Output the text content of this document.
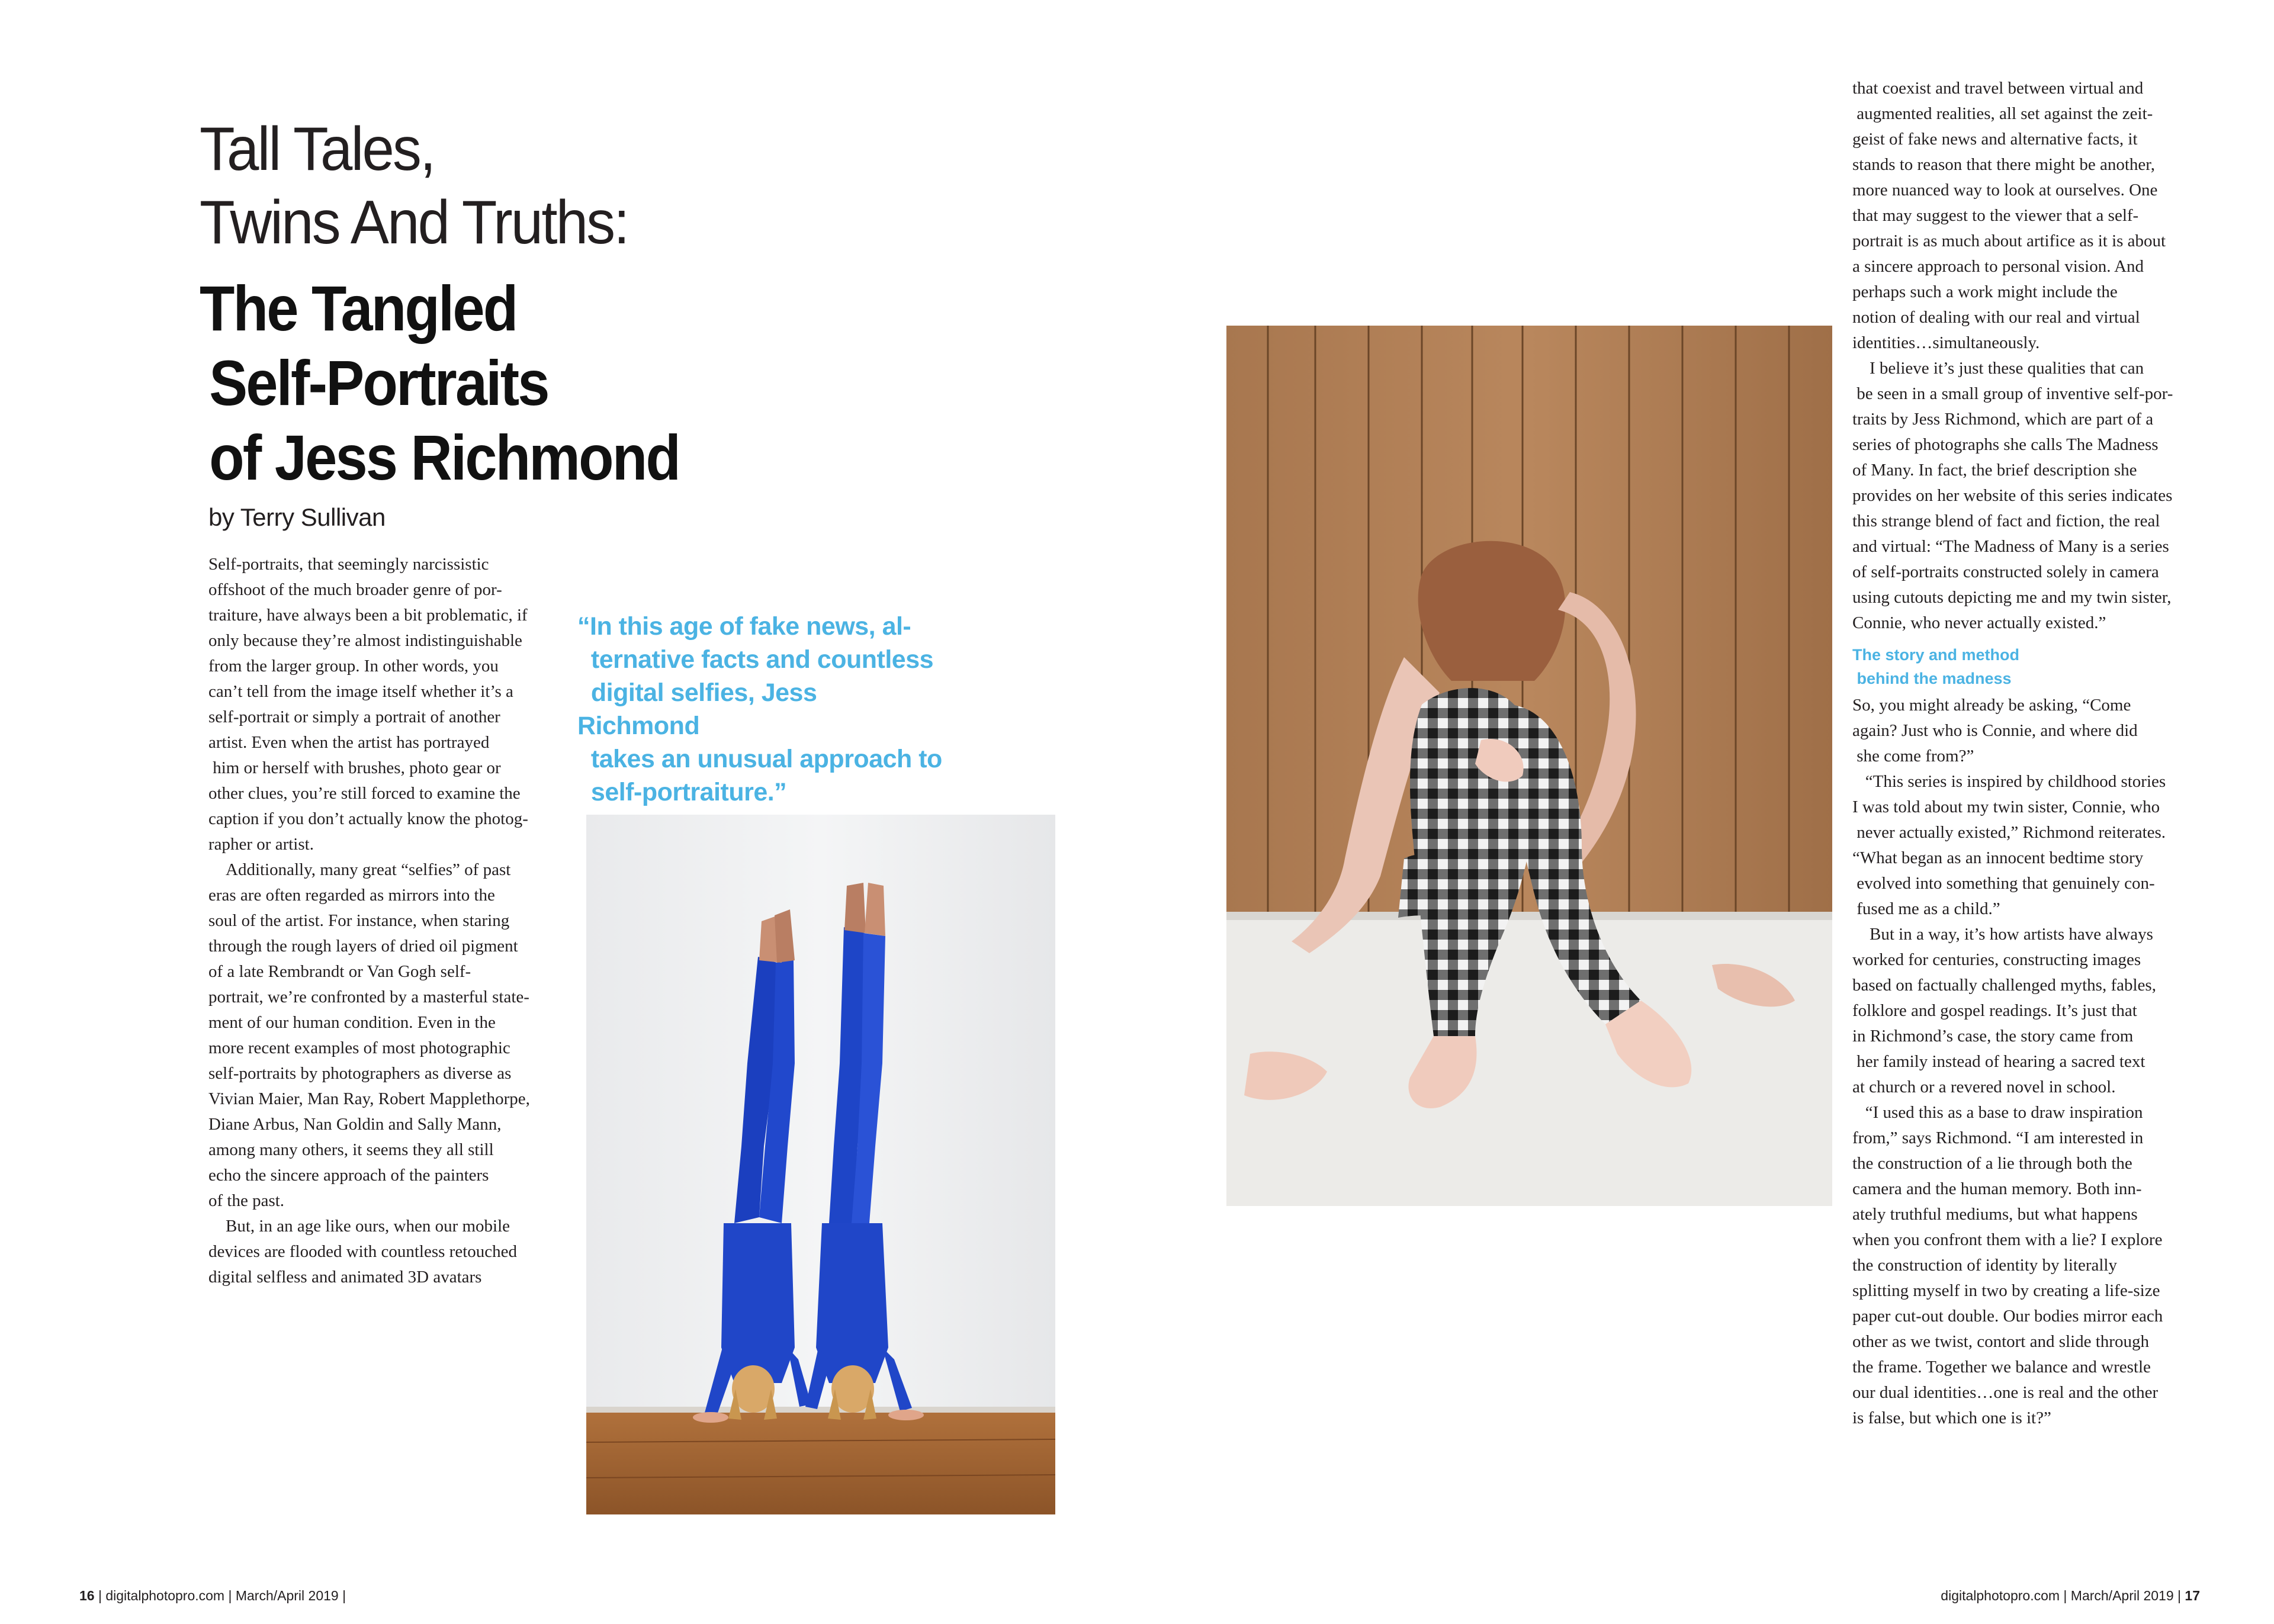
Tall Tales,
Twins And Truths:
The Tangled
Self-Portraits
of Jess Richmond
by Terry Sullivan

Self-portraits, that seemingly narcissistic
offshoot of the much broader genre of por-
traiture, have always been a bit problematic, if
only because they’re almost indistinguishable
from the larger group. In other words, you
can’t tell from the image itself whether it’s a
self-portrait or simply a portrait of another
artist. Even when the artist has portrayed
him or herself with brushes, photo gear or
other clues, you’re still forced to examine the
caption if you don’t actually know the photog-
rapher or artist.

Additionally, many great “selfies” of past
eras are often regarded as mirrors into the
soul of the artist. For instance, when staring
through the rough layers of dried oil pigment
of a late Rembrandt or Van Gogh self-
portrait, we’re confronted by a masterful state-
ment of our human condition. Even in the
more recent examples of most photographic
self-portraits by photographers as diverse as
Vivian Maier, Man Ray, Robert Mapplethorpe,
Diane Arbus, Nan Goldin and Sally Mann,
among many others, it seems they all still
echo the sincere approach of the painters
of the past.

But, in an age like ours, when our mobile
devices are flooded with countless retouched
digital selfless and animated 3D avatars

“In this age of fake news, al-
ternative facts and countless
digital selfies, Jess Richmond
takes an unusual approach to
self-portraiture.”

that coexist and travel between virtual and
augmented realities, all set against the zeit-
geist of fake news and alternative facts, it
stands to reason that there might be another,
more nuanced way to look at ourselves. One
that may suggest to the viewer that a self-
portrait is as much about artifice as it is about
a sincere approach to personal vision. And
perhaps such a work might include the
notion of dealing with our real and virtual
identities…simultaneously.

I believe it’s just these qualities that can
be seen in a small group of inventive self-por-
traits by Jess Richmond, which are part of a
series of photographs she calls The Madness
of Many. In fact, the brief description she
provides on her website of this series indicates
this strange blend of fact and fiction, the real
and virtual: “The Madness of Many is a series
of self-portraits constructed solely in camera
using cutouts depicting me and my twin sister,
Connie, who never actually existed.”

The story and method
behind the madness

So, you might already be asking, “Come
again? Just who is Connie, and where did
she come from?”

“This series is inspired by childhood stories
I was told about my twin sister, Connie, who
never actually existed,” Richmond reiterates.
“What began as an innocent bedtime story
evolved into something that genuinely con-
fused me as a child.”

But in a way, it’s how artists have always
worked for centuries, constructing images
based on factually challenged myths, fables,
folklore and gospel readings. It’s just that
in Richmond’s case, the story came from
her family instead of hearing a sacred text
at church or a revered novel in school.

“I used this as a base to draw inspiration
from,” says Richmond. “I am interested in
the construction of a lie through both the
camera and the human memory. Both inn-
ately truthful mediums, but what happens
when you confront them with a lie? I explore
the construction of identity by literally
splitting myself in two by creating a life-size
paper cut-out double. Our bodies mirror each
other as we twist, contort and slide through
the frame. Together we balance and wrestle
our dual identities…one is real and the other
is false, but which one is it?”

16 | digitalphotopro.com | March/April 2019 |	digitalphotopro.com | March/April 2019 | 17
